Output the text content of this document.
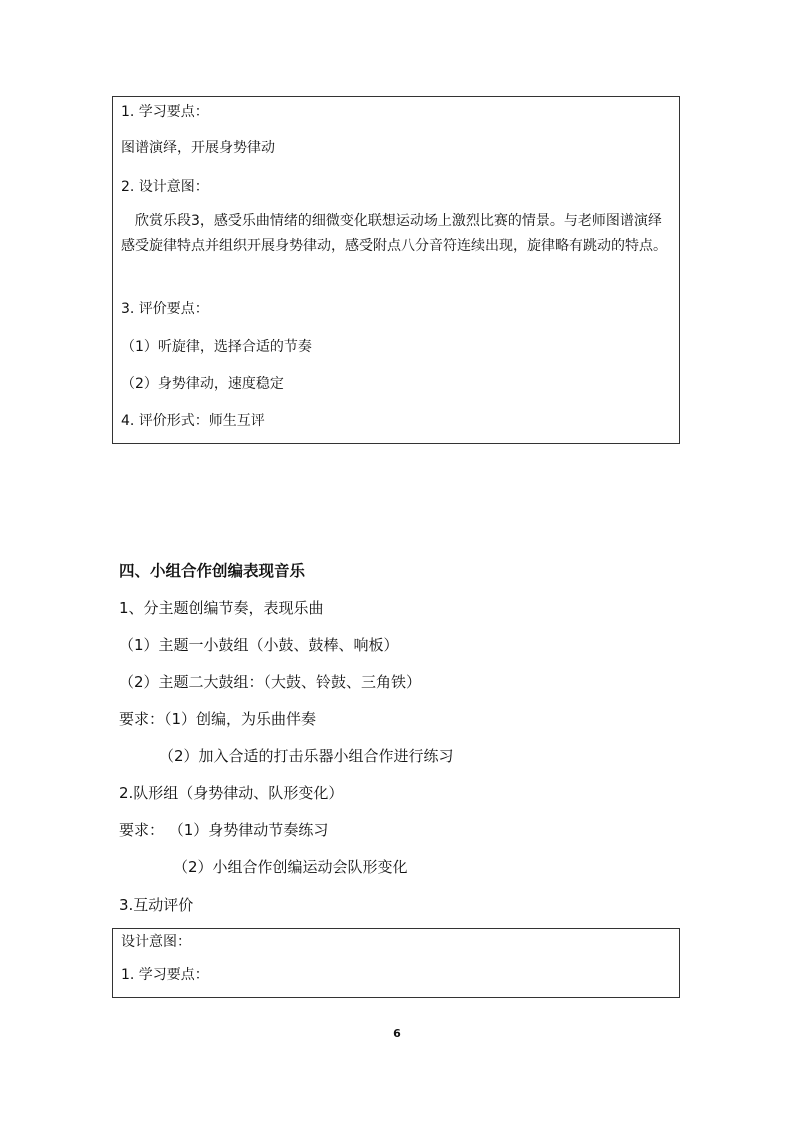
1. 学习要点：
图谱演绎，开展身势律动
2. 设计意图：
欣赏乐段3，感受乐曲情绪的细微变化联想运动场上激烈比赛的情景。与老师图谱演绎感受旋律特点并组织开展身势律动，感受附点八分音符连续出现，旋律略有跳动的特点。
3. 评价要点：
（1）听旋律，选择合适的节奏
（2）身势律动，速度稳定
4. 评价形式：师生互评
四、小组合作创编表现音乐
1、分主题创编节奏，表现乐曲
（1）主题一小鼓组（小鼓、鼓棒、响板）
（2）主题二大鼓组：（大鼓、铃鼓、三角铁）
要求：（1）创编，为乐曲伴奏
（2）加入合适的打击乐器小组合作进行练习
2.队形组（身势律动、队形变化）
要求： （1）身势律动节奏练习
（2）小组合作创编运动会队形变化
3.互动评价
设计意图：
1. 学习要点：
6
